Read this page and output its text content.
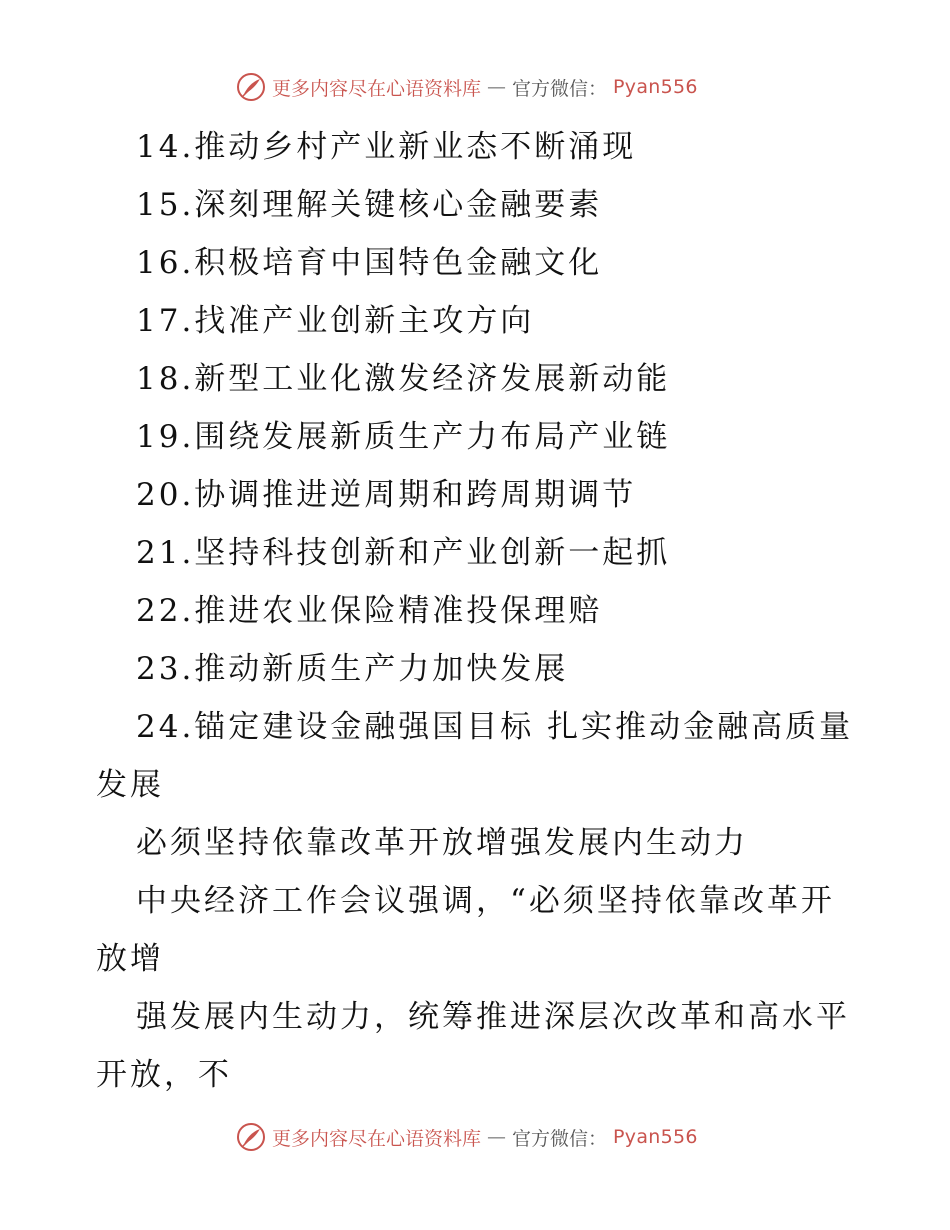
更多内容尽在心语资料库 — 官方微信： Pyan556
14.推动乡村产业新业态不断涌现
15.深刻理解关键核心金融要素
16.积极培育中国特色金融文化
17.找准产业创新主攻方向
18.新型工业化激发经济发展新动能
19.围绕发展新质生产力布局产业链
20.协调推进逆周期和跨周期调节
21.坚持科技创新和产业创新一起抓
22.推进农业保险精准投保理赔
23.推动新质生产力加快发展
24.锚定建设金融强国目标 扎实推动金融高质量
发展
必须坚持依靠改革开放增强发展内生动力
中央经济工作会议强调，“必须坚持依靠改革开
放增
强发展内生动力，统筹推进深层次改革和高水平
开放，不
更多内容尽在心语资料库 — 官方微信： Pyan556
